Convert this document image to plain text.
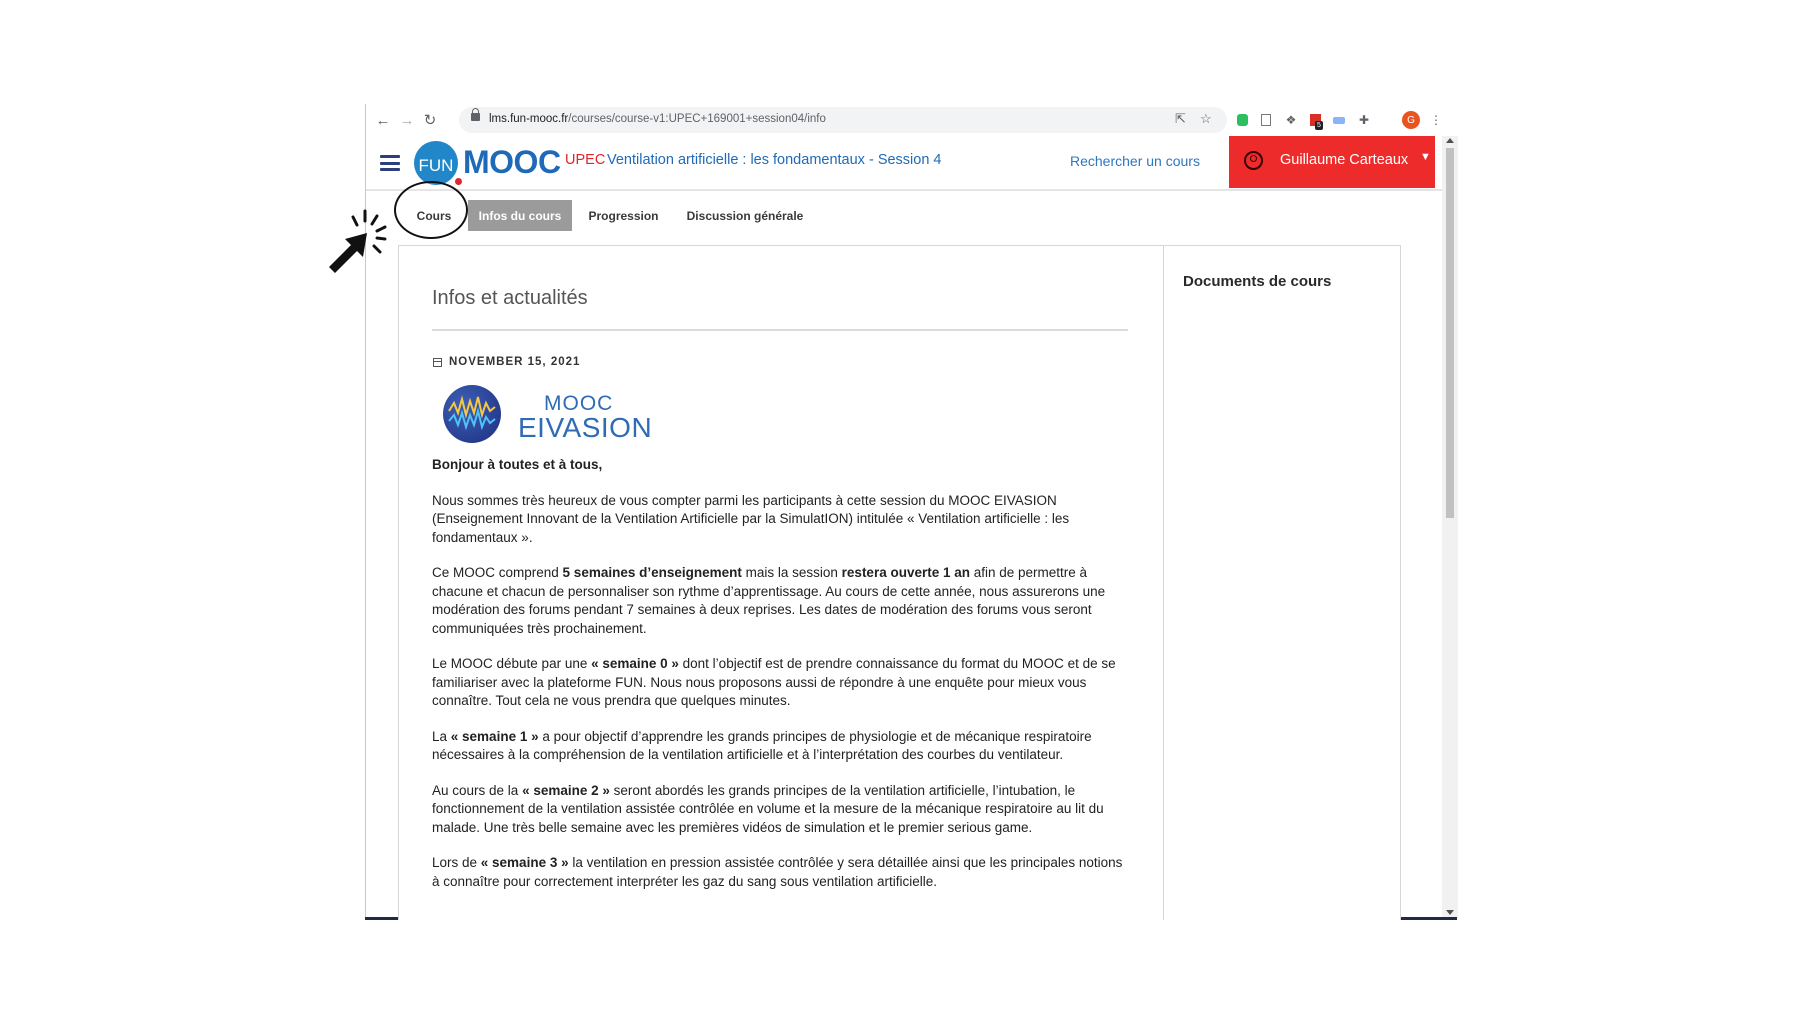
← → ↻	lms.fun-mooc.fr/courses/course-v1:UPEC+169001+session04/info	⇱ ☆	❖	5	✚	G	⋮
FUN MOOC UPEC Ventilation artificielle : les fondamentaux - Session 4	Rechercher un cours	Guillaume Carteaux ▼
Cours	Infos du cours	Progression	Discussion générale
Infos et actualités
NOVEMBER 15, 2021
MOOC
EIVASION

Bonjour à toutes et à tous,

Nous sommes très heureux de vous compter parmi les participants à cette session du MOOC EIVASION (Enseignement Innovant de la Ventilation Artificielle par la SimulatION) intitulée « Ventilation artificielle : les fondamentaux ».

Ce MOOC comprend 5 semaines d’enseignement mais la session restera ouverte 1 an afin de permettre à chacune et chacun de personnaliser son rythme d’apprentissage. Au cours de cette année, nous assurerons une modération des forums pendant 7 semaines à deux reprises. Les dates de modération des forums vous seront communiquées très prochainement.

Le MOOC débute par une « semaine 0 » dont l’objectif est de prendre connaissance du format du MOOC et de se familiariser avec la plateforme FUN. Nous nous proposons aussi de répondre à une enquête pour mieux vous connaître. Tout cela ne vous prendra que quelques minutes.

La « semaine 1 » a pour objectif d’apprendre les grands principes de physiologie et de mécanique respiratoire nécessaires à la compréhension de la ventilation artificielle et à l’interprétation des courbes du ventilateur.

Au cours de la « semaine 2 » seront abordés les grands principes de la ventilation artificielle, l’intubation, le fonctionnement de la ventilation assistée contrôlée en volume et la mesure de la mécanique respiratoire au lit du malade. Une très belle semaine avec les premières vidéos de simulation et le premier serious game.

Lors de « semaine 3 » la ventilation en pression assistée contrôlée y sera détaillée ainsi que les principales notions à connaître pour correctement interpréter les gaz du sang sous ventilation artificielle.

Documents de cours
